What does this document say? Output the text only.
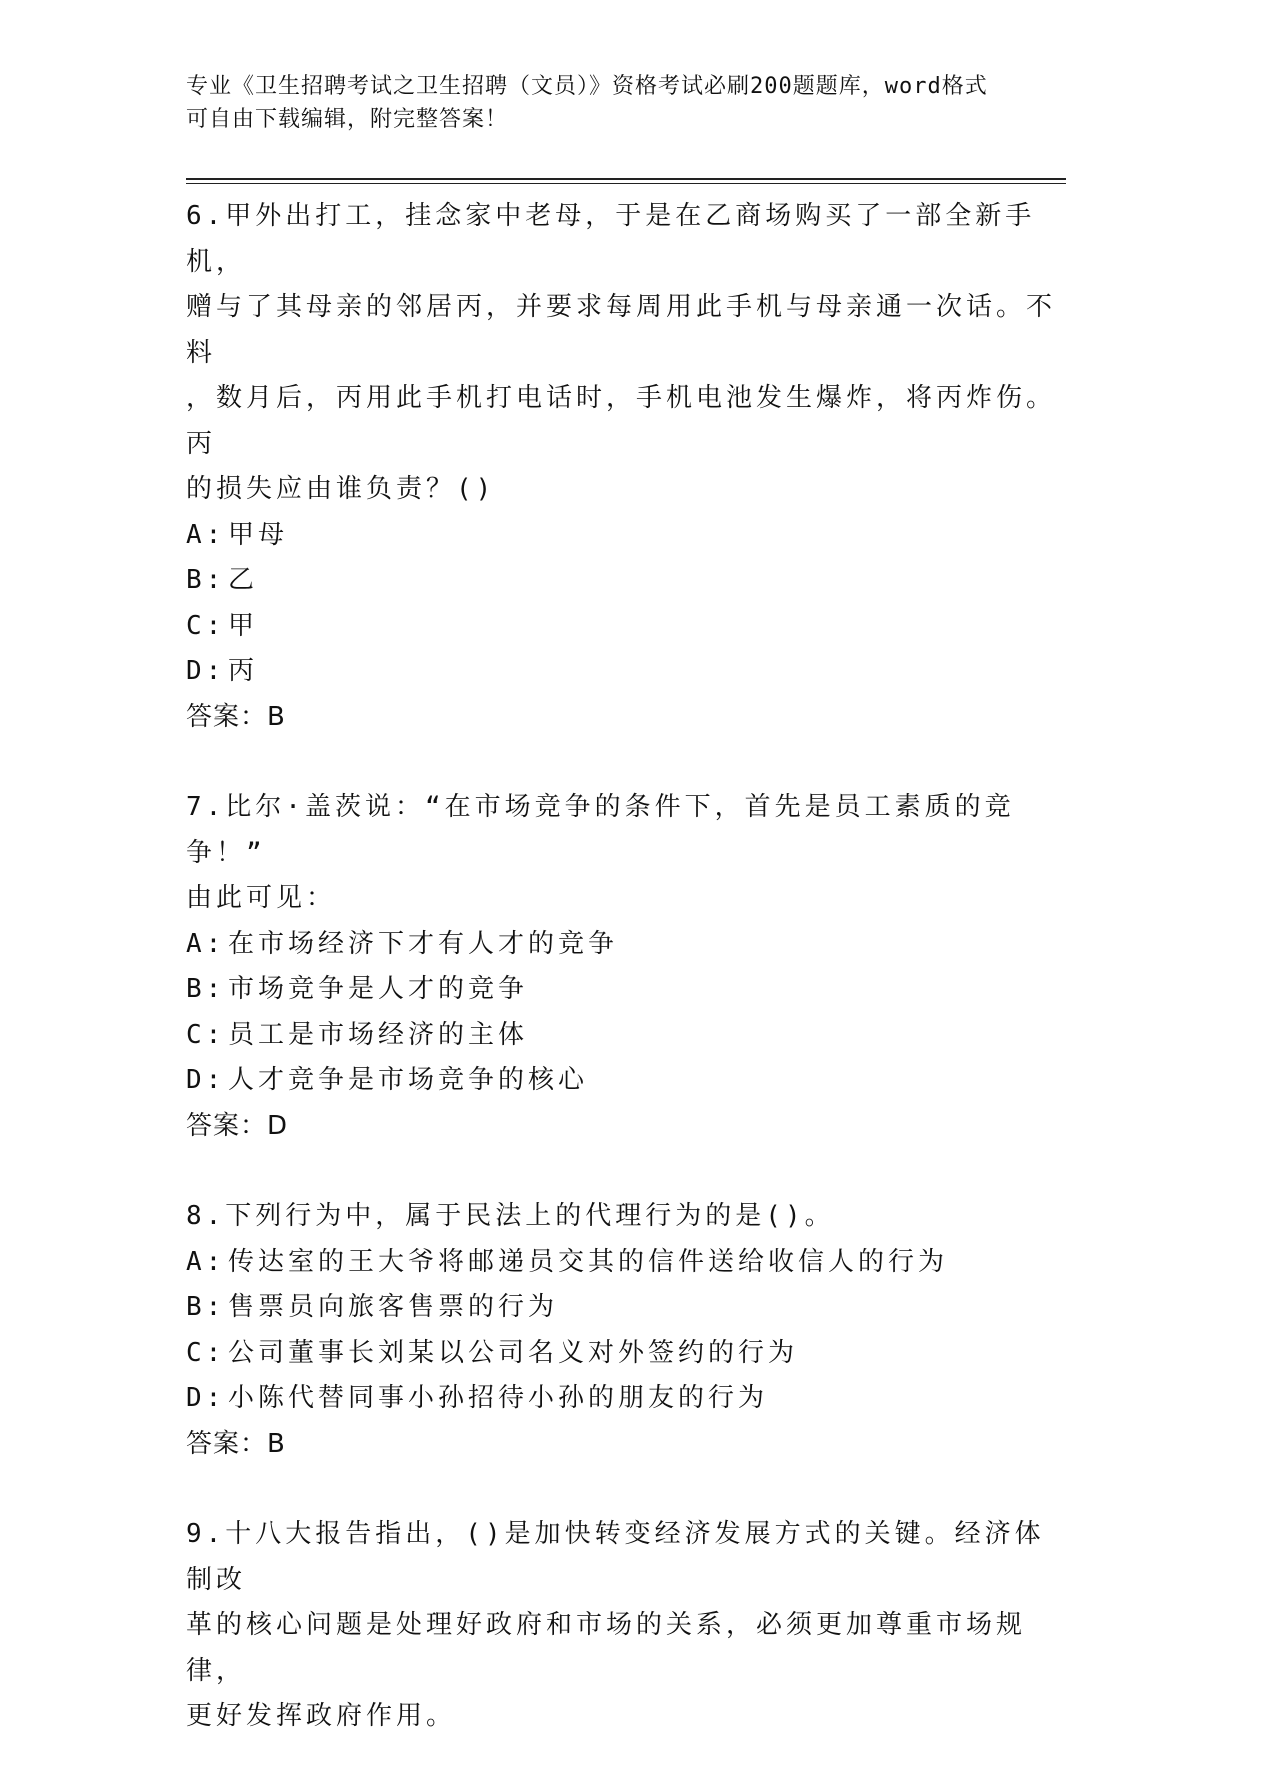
专业《卫生招聘考试之卫生招聘（文员）》资格考试必刷200题题库，word格式
可自由下载编辑，附完整答案！

6.甲外出打工，挂念家中老母，于是在乙商场购买了一部全新手机，
赠与了其母亲的邻居丙，并要求每周用此手机与母亲通一次话。不料
，数月后，丙用此手机打电话时，手机电池发生爆炸，将丙炸伤。丙
的损失应由谁负责？()

A: 甲母

B: 乙

C: 甲

D: 丙

答案：B

7.比尔·盖茨说：“在市场竞争的条件下，首先是员工素质的竞争！”
由此可见：

A: 在市场经济下才有人才的竞争

B: 市场竞争是人才的竞争

C: 员工是市场经济的主体

D: 人才竞争是市场竞争的核心

答案：D

8.下列行为中，属于民法上的代理行为的是()。

A: 传达室的王大爷将邮递员交其的信件送给收信人的行为

B: 售票员向旅客售票的行为

C: 公司董事长刘某以公司名义对外签约的行为

D: 小陈代替同事小孙招待小孙的朋友的行为

答案：B

9.十八大报告指出，()是加快转变经济发展方式的关键。经济体制改
革的核心问题是处理好政府和市场的关系，必须更加尊重市场规律，
更好发挥政府作用。
